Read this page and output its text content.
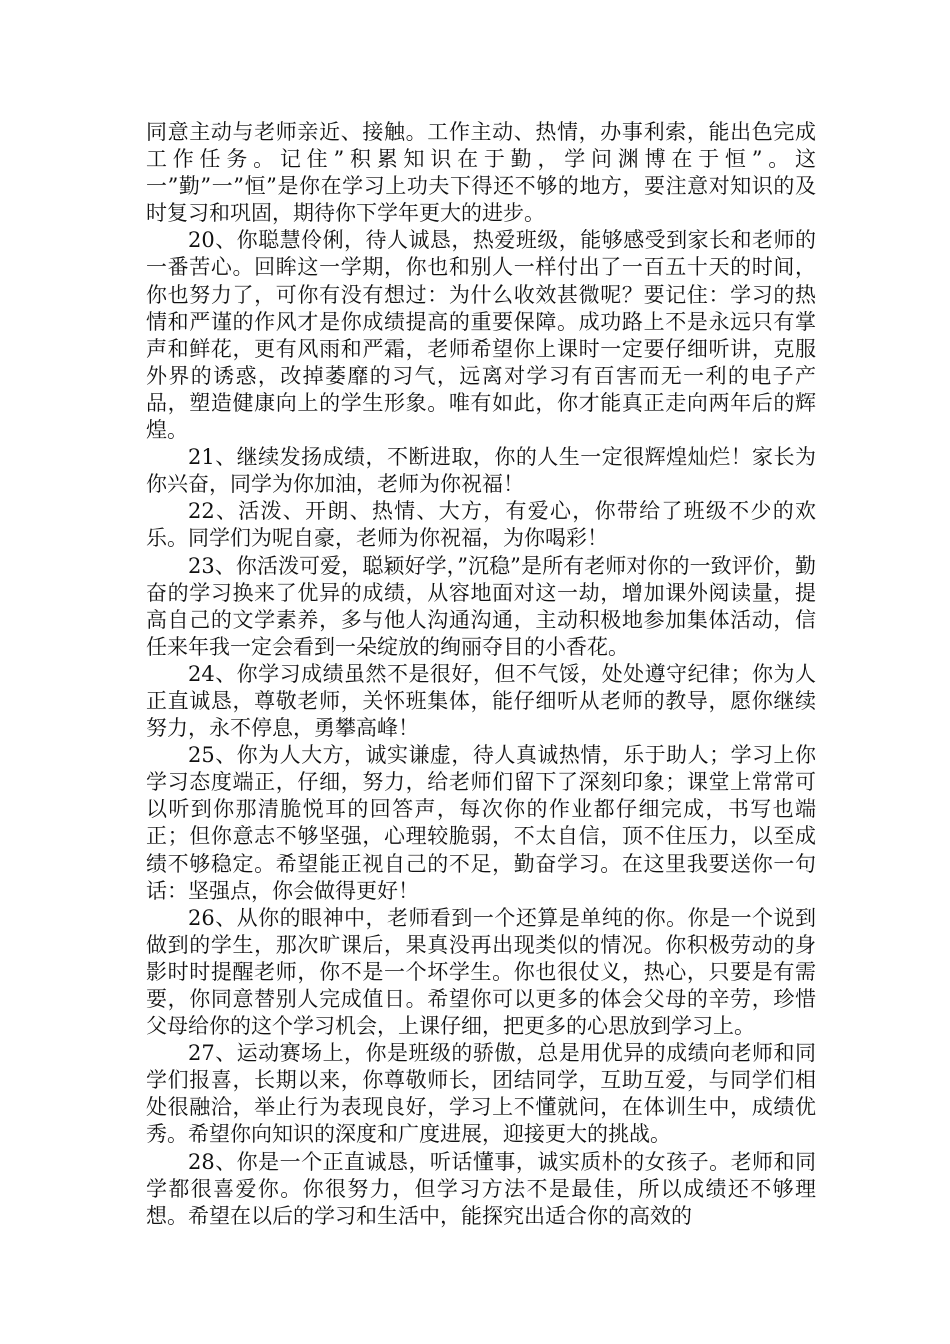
同意主动与老师亲近、接触。工作主动、热情，办事利索，能出色完成工作任务。记住”积累知识在于勤，学问渊博在于恒”。这一”勤”一”恒”是你在学习上功夫下得还不够的地方，要注意对知识的及时复习和巩固，期待你下学年更大的进步。

20、你聪慧伶俐，待人诚恳，热爱班级，能够感受到家长和老师的一番苦心。回眸这一学期，你也和别人一样付出了一百五十天的时间，你也努力了，可你有没有想过：为什么收效甚微呢？要记住：学习的热情和严谨的作风才是你成绩提高的重要保障。成功路上不是永远只有掌声和鲜花，更有风雨和严霜，老师希望你上课时一定要仔细听讲，克服外界的诱惑，改掉萎靡的习气，远离对学习有百害而无一利的电子产品，塑造健康向上的学生形象。唯有如此，你才能真正走向两年后的辉煌。

21、继续发扬成绩，不断进取，你的人生一定很辉煌灿烂！家长为你兴奋，同学为你加油，老师为你祝福！

22、活泼、开朗、热情、大方，有爱心，你带给了班级不少的欢乐。同学们为呢自豪，老师为你祝福，为你喝彩！

23、你活泼可爱，聪颖好学，”沉稳”是所有老师对你的一致评价，勤奋的学习换来了优异的成绩，从容地面对这一劫，增加课外阅读量，提高自己的文学素养，多与他人沟通沟通，主动积极地参加集体活动，信任来年我一定会看到一朵绽放的绚丽夺目的小香花。

24、你学习成绩虽然不是很好，但不气馁，处处遵守纪律；你为人正直诚恳，尊敬老师，关怀班集体，能仔细听从老师的教导，愿你继续努力，永不停息，勇攀高峰！

25、你为人大方，诚实谦虚，待人真诚热情，乐于助人；学习上你学习态度端正，仔细，努力，给老师们留下了深刻印象；课堂上常常可以听到你那清脆悦耳的回答声，每次你的作业都仔细完成，书写也端正；但你意志不够坚强，心理较脆弱，不太自信，顶不住压力，以至成绩不够稳定。希望能正视自己的不足，勤奋学习。在这里我要送你一句话：坚强点，你会做得更好！

26、从你的眼神中，老师看到一个还算是单纯的你。你是一个说到做到的学生，那次旷课后，果真没再出现类似的情况。你积极劳动的身影时时提醒老师，你不是一个坏学生。你也很仗义，热心，只要是有需要，你同意替别人完成值日。希望你可以更多的体会父母的辛劳，珍惜父母给你的这个学习机会，上课仔细，把更多的心思放到学习上。

27、运动赛场上，你是班级的骄傲，总是用优异的成绩向老师和同学们报喜，长期以来，你尊敬师长，团结同学，互助互爱，与同学们相处很融洽，举止行为表现良好，学习上不懂就问，在体训生中，成绩优秀。希望你向知识的深度和广度进展，迎接更大的挑战。

28、你是一个正直诚恳，听话懂事，诚实质朴的女孩子。老师和同学都很喜爱你。你很努力，但学习方法不是最佳，所以成绩还不够理想。希望在以后的学习和生活中，能探究出适合你的高效的
